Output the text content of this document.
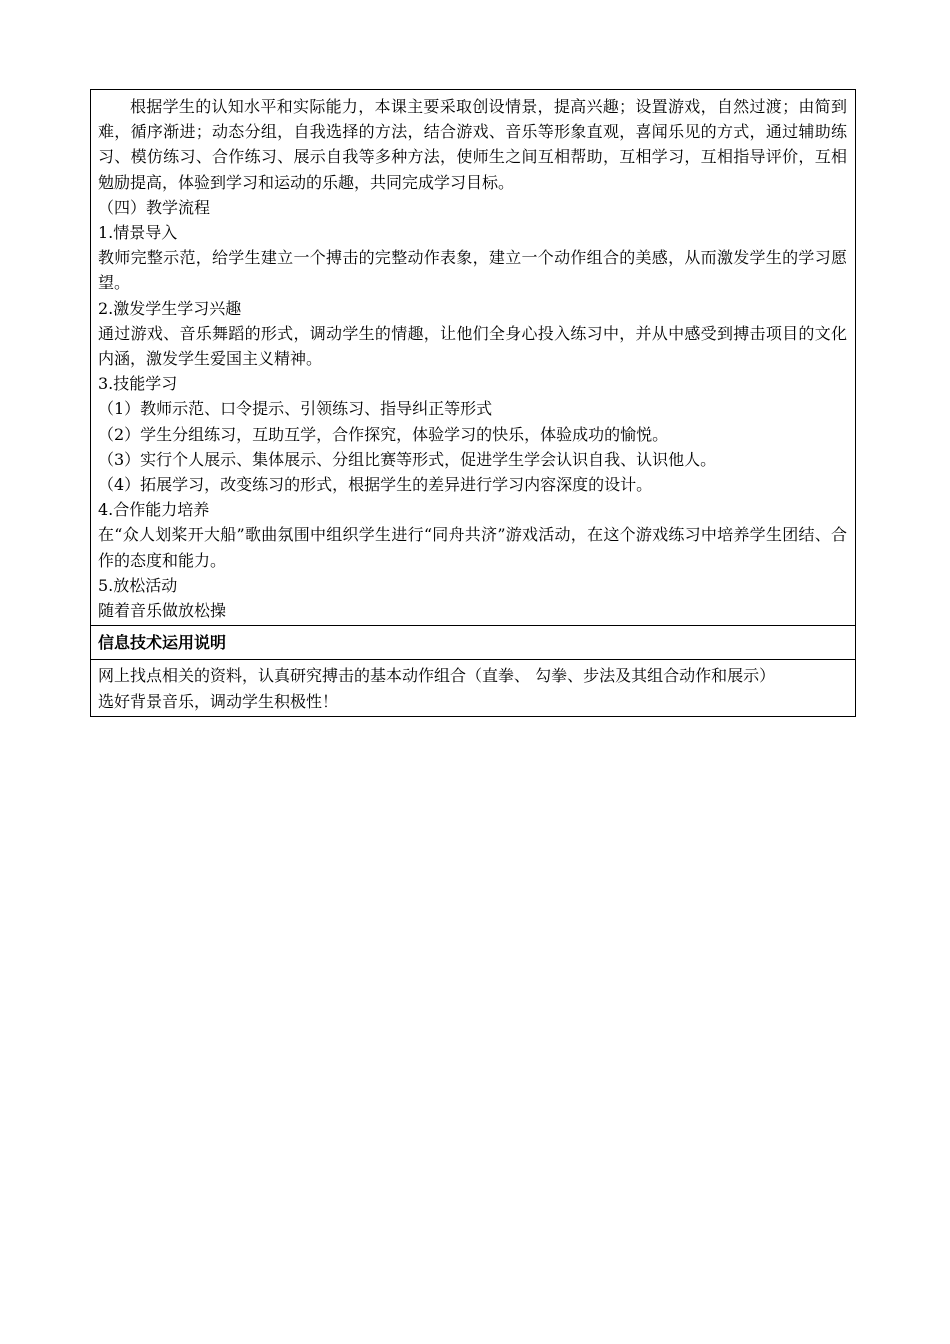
根据学生的认知水平和实际能力，本课主要采取创设情景，提高兴趣；设置游戏，自然过渡；由简到难，循序渐进；动态分组，自我选择的方法，结合游戏、音乐等形象直观，喜闻乐见的方式，通过辅助练习、模仿练习、合作练习、展示自我等多种方法，使师生之间互相帮助，互相学习，互相指导评价，互相勉励提高，体验到学习和运动的乐趣，共同完成学习目标。

（四）教学流程

1.情景导入

教师完整示范，给学生建立一个搏击的完整动作表象，建立一个动作组合的美感，从而激发学生的学习愿望。

2.激发学生学习兴趣

通过游戏、音乐舞蹈的形式，调动学生的情趣，让他们全身心投入练习中，并从中感受到搏击项目的文化内涵，激发学生爱国主义精神。

3.技能学习

（1）教师示范、口令提示、引领练习、指导纠正等形式

（2）学生分组练习，互助互学，合作探究，体验学习的快乐，体验成功的愉悦。

（3）实行个人展示、集体展示、分组比赛等形式，促进学生学会认识自我、认识他人。

（4）拓展学习，改变练习的形式，根据学生的差异进行学习内容深度的设计。

4.合作能力培养

在“众人划桨开大船”歌曲氛围中组织学生进行“同舟共济”游戏活动，在这个游戏练习中培养学生团结、合作的态度和能力。

5.放松活动

随着音乐做放松操

信息技术运用说明

网上找点相关的资料，认真研究搏击的基本动作组合（直拳、 勾拳、步法及其组合动作和展示）

选好背景音乐，调动学生积极性！
